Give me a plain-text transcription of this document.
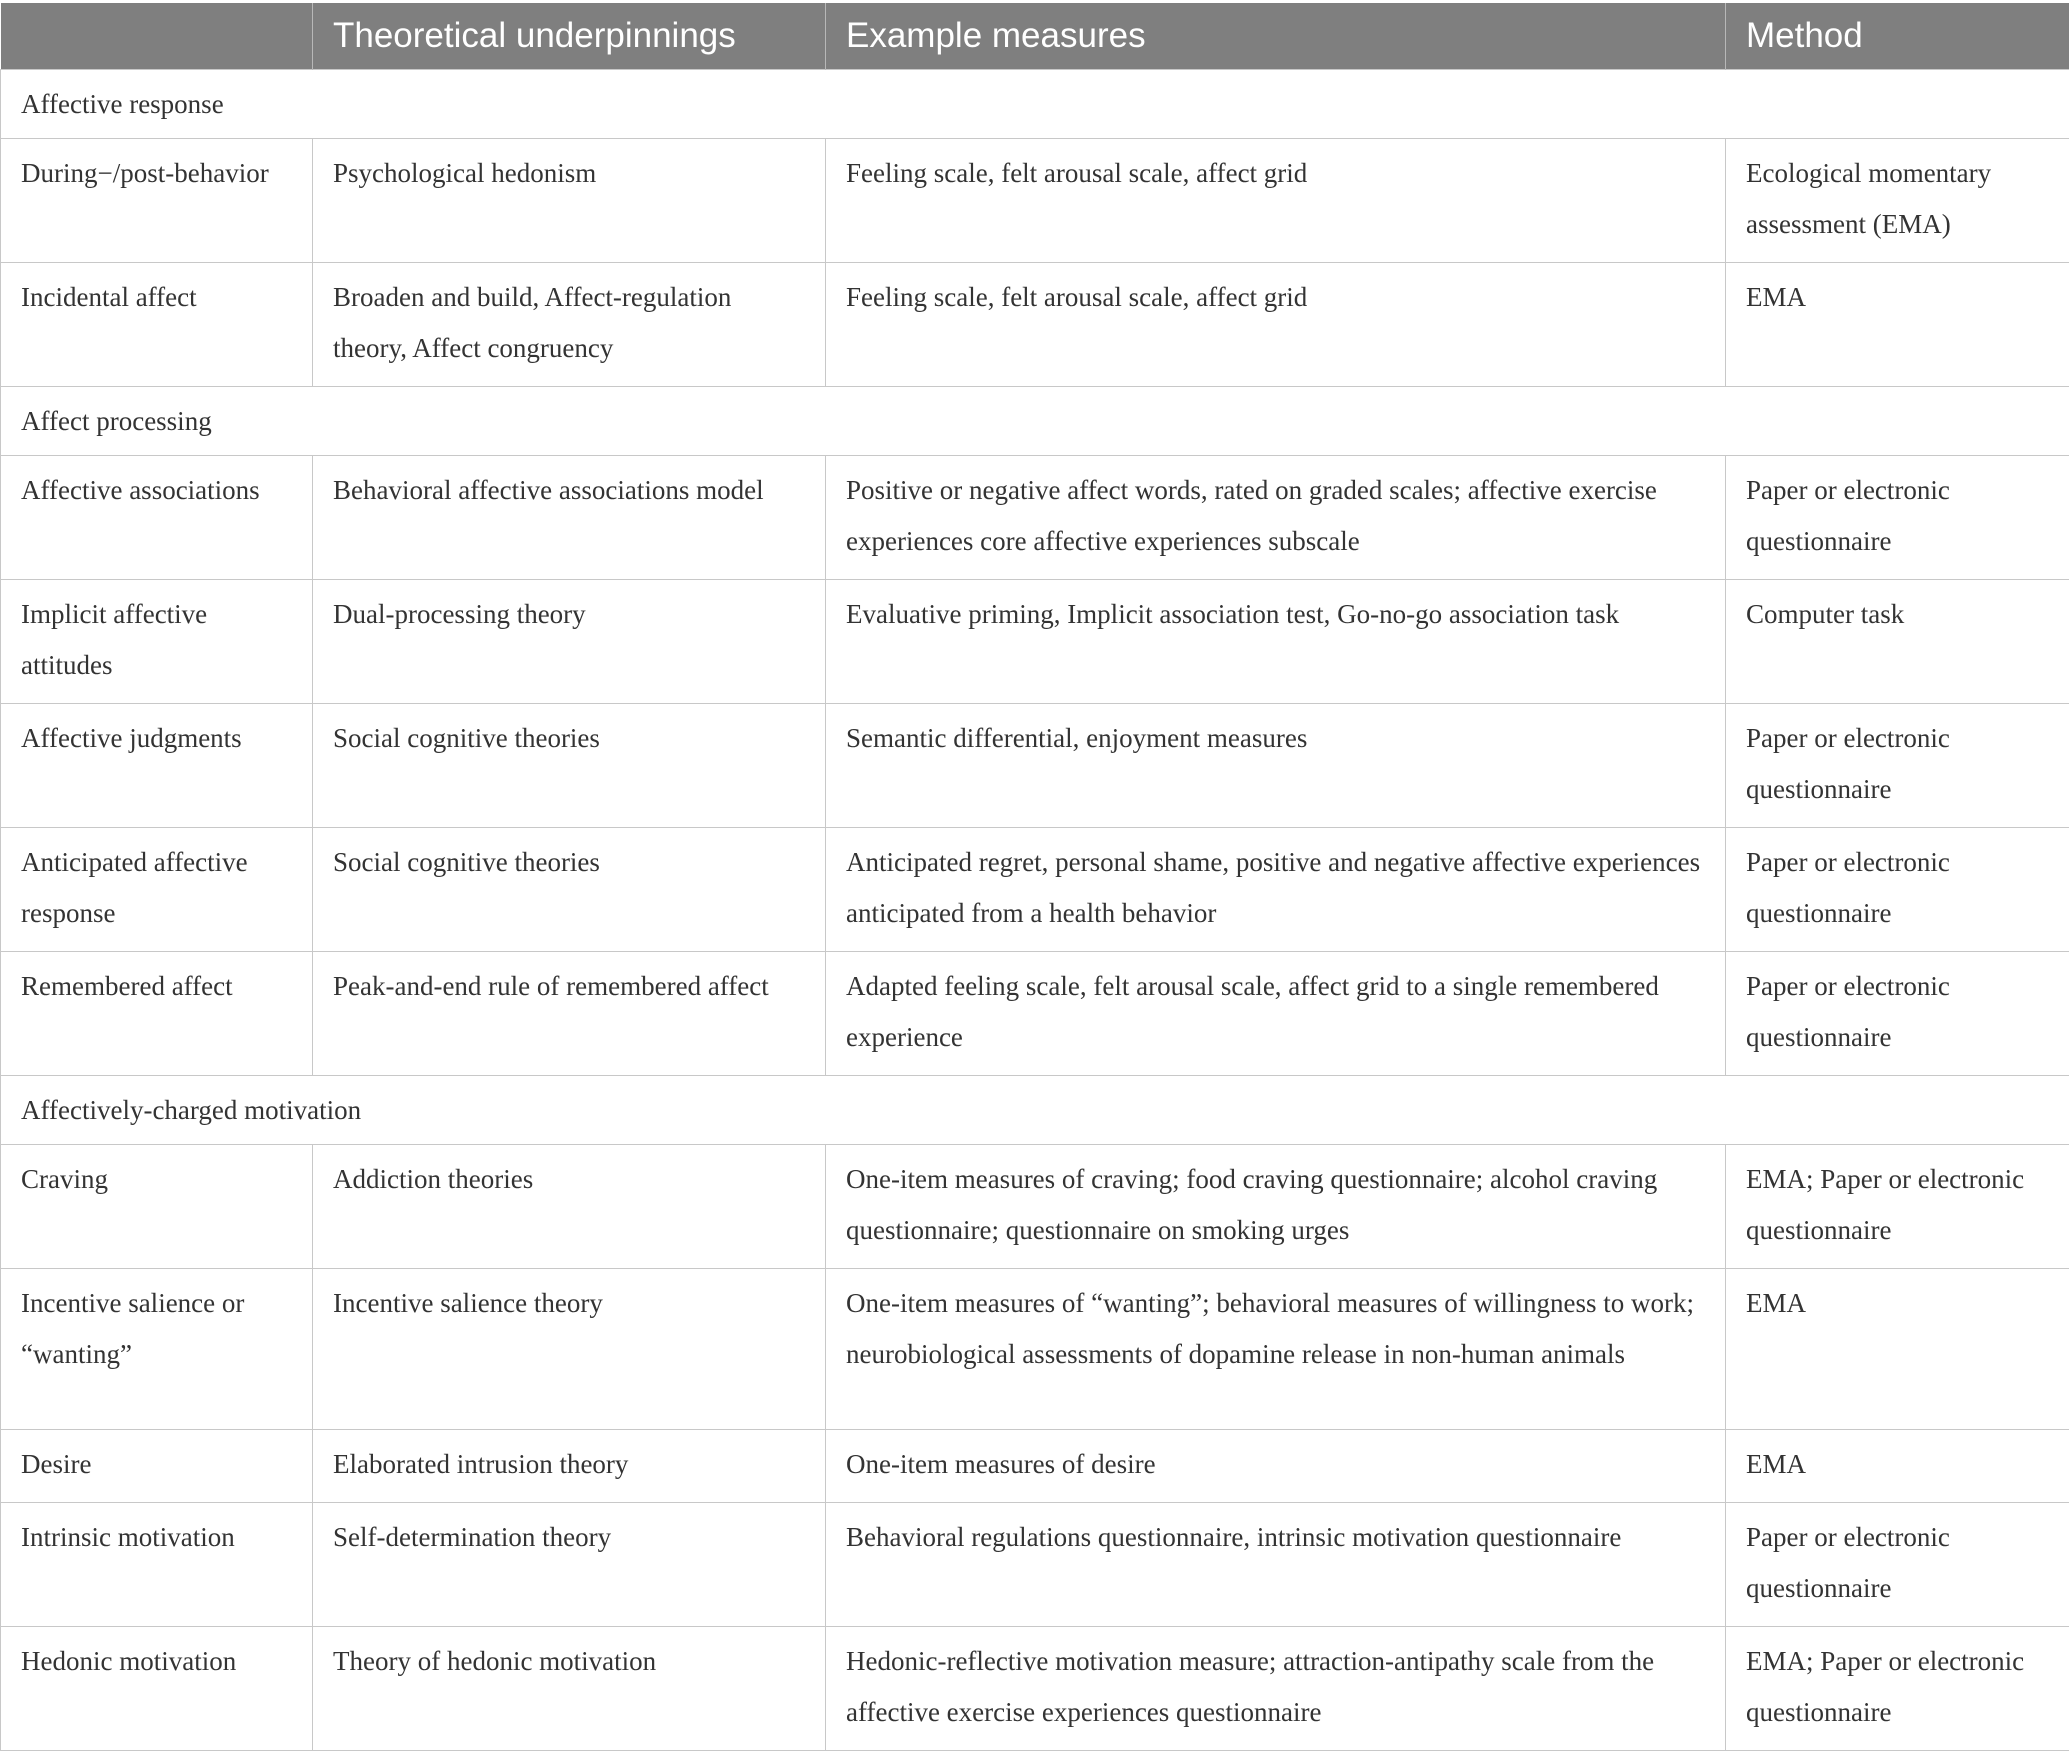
	Theoretical underpinnings	Example measures	Method
Affective response			
During−/post-behavior	Psychological hedonism	Feeling scale, felt arousal scale, affect grid	Ecological momentary assessment (EMA)
Incidental affect	Broaden and build, Affect-regulation theory, Affect congruency	Feeling scale, felt arousal scale, affect grid	EMA
Affect processing			
Affective associations	Behavioral affective associations model	Positive or negative affect words, rated on graded scales; affective exercise experiences core affective experiences subscale	Paper or electronic questionnaire
Implicit affective attitudes	Dual-processing theory	Evaluative priming, Implicit association test, Go-no-go association task	Computer task
Affective judgments	Social cognitive theories	Semantic differential, enjoyment measures	Paper or electronic questionnaire
Anticipated affective response	Social cognitive theories	Anticipated regret, personal shame, positive and negative affective experiences anticipated from a health behavior	Paper or electronic questionnaire
Remembered affect	Peak-and-end rule of remembered affect	Adapted feeling scale, felt arousal scale, affect grid to a single remembered experience	Paper or electronic questionnaire
Affectively-charged motivation			
Craving	Addiction theories	One-item measures of craving; food craving questionnaire; alcohol craving questionnaire; questionnaire on smoking urges	EMA; Paper or electronic questionnaire
Incentive salience or “wanting”	Incentive salience theory	One-item measures of “wanting”; behavioral measures of willingness to work; neurobiological assessments of dopamine release in non-human animals	EMA
Desire	Elaborated intrusion theory	One-item measures of desire	EMA
Intrinsic motivation	Self-determination theory	Behavioral regulations questionnaire, intrinsic motivation questionnaire	Paper or electronic questionnaire
Hedonic motivation	Theory of hedonic motivation	Hedonic-reflective motivation measure; attraction-antipathy scale from the affective exercise experiences questionnaire	EMA; Paper or electronic questionnaire
